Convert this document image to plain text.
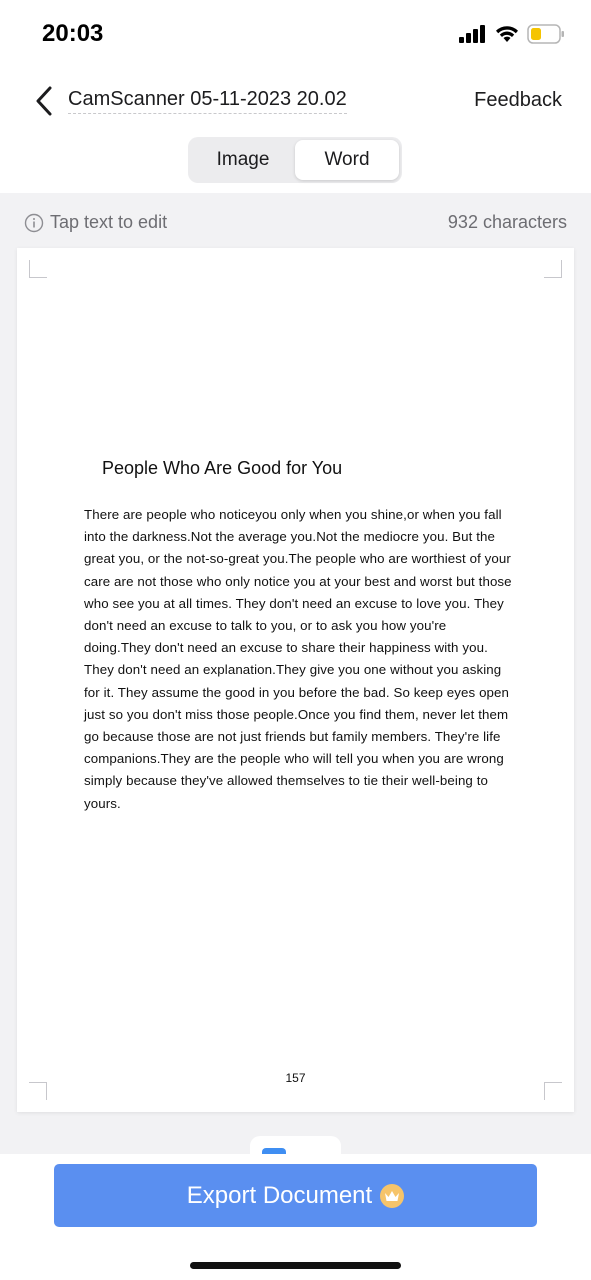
20:03
CamScanner 05-11-2023 20.02	Feedback
Image	Word
Tap text to edit	932 characters
People Who Are Good for You
There are people who noticeyou only when you shine,or when you fall into the darkness.Not the average you.Not the mediocre you. But the great you, or the not-so-great you.The people who are worthiest of your care are not those who only notice you at your best and worst but those who see you at all times. They don't need an excuse to love you. They don't need an excuse to talk to you, or to ask you how you're doing.They don't need an excuse to share their happiness with you. They don't need an explanation.They give you one without you asking for it. They assume the good in you before the bad. So keep eyes open just so you don't miss those people.Once you find them, never let them go because those are not just friends but family members. They're life companions.They are the people who will tell you when you are wrong simply because they've allowed themselves to tie their well-being to yours.
157
Export Document
